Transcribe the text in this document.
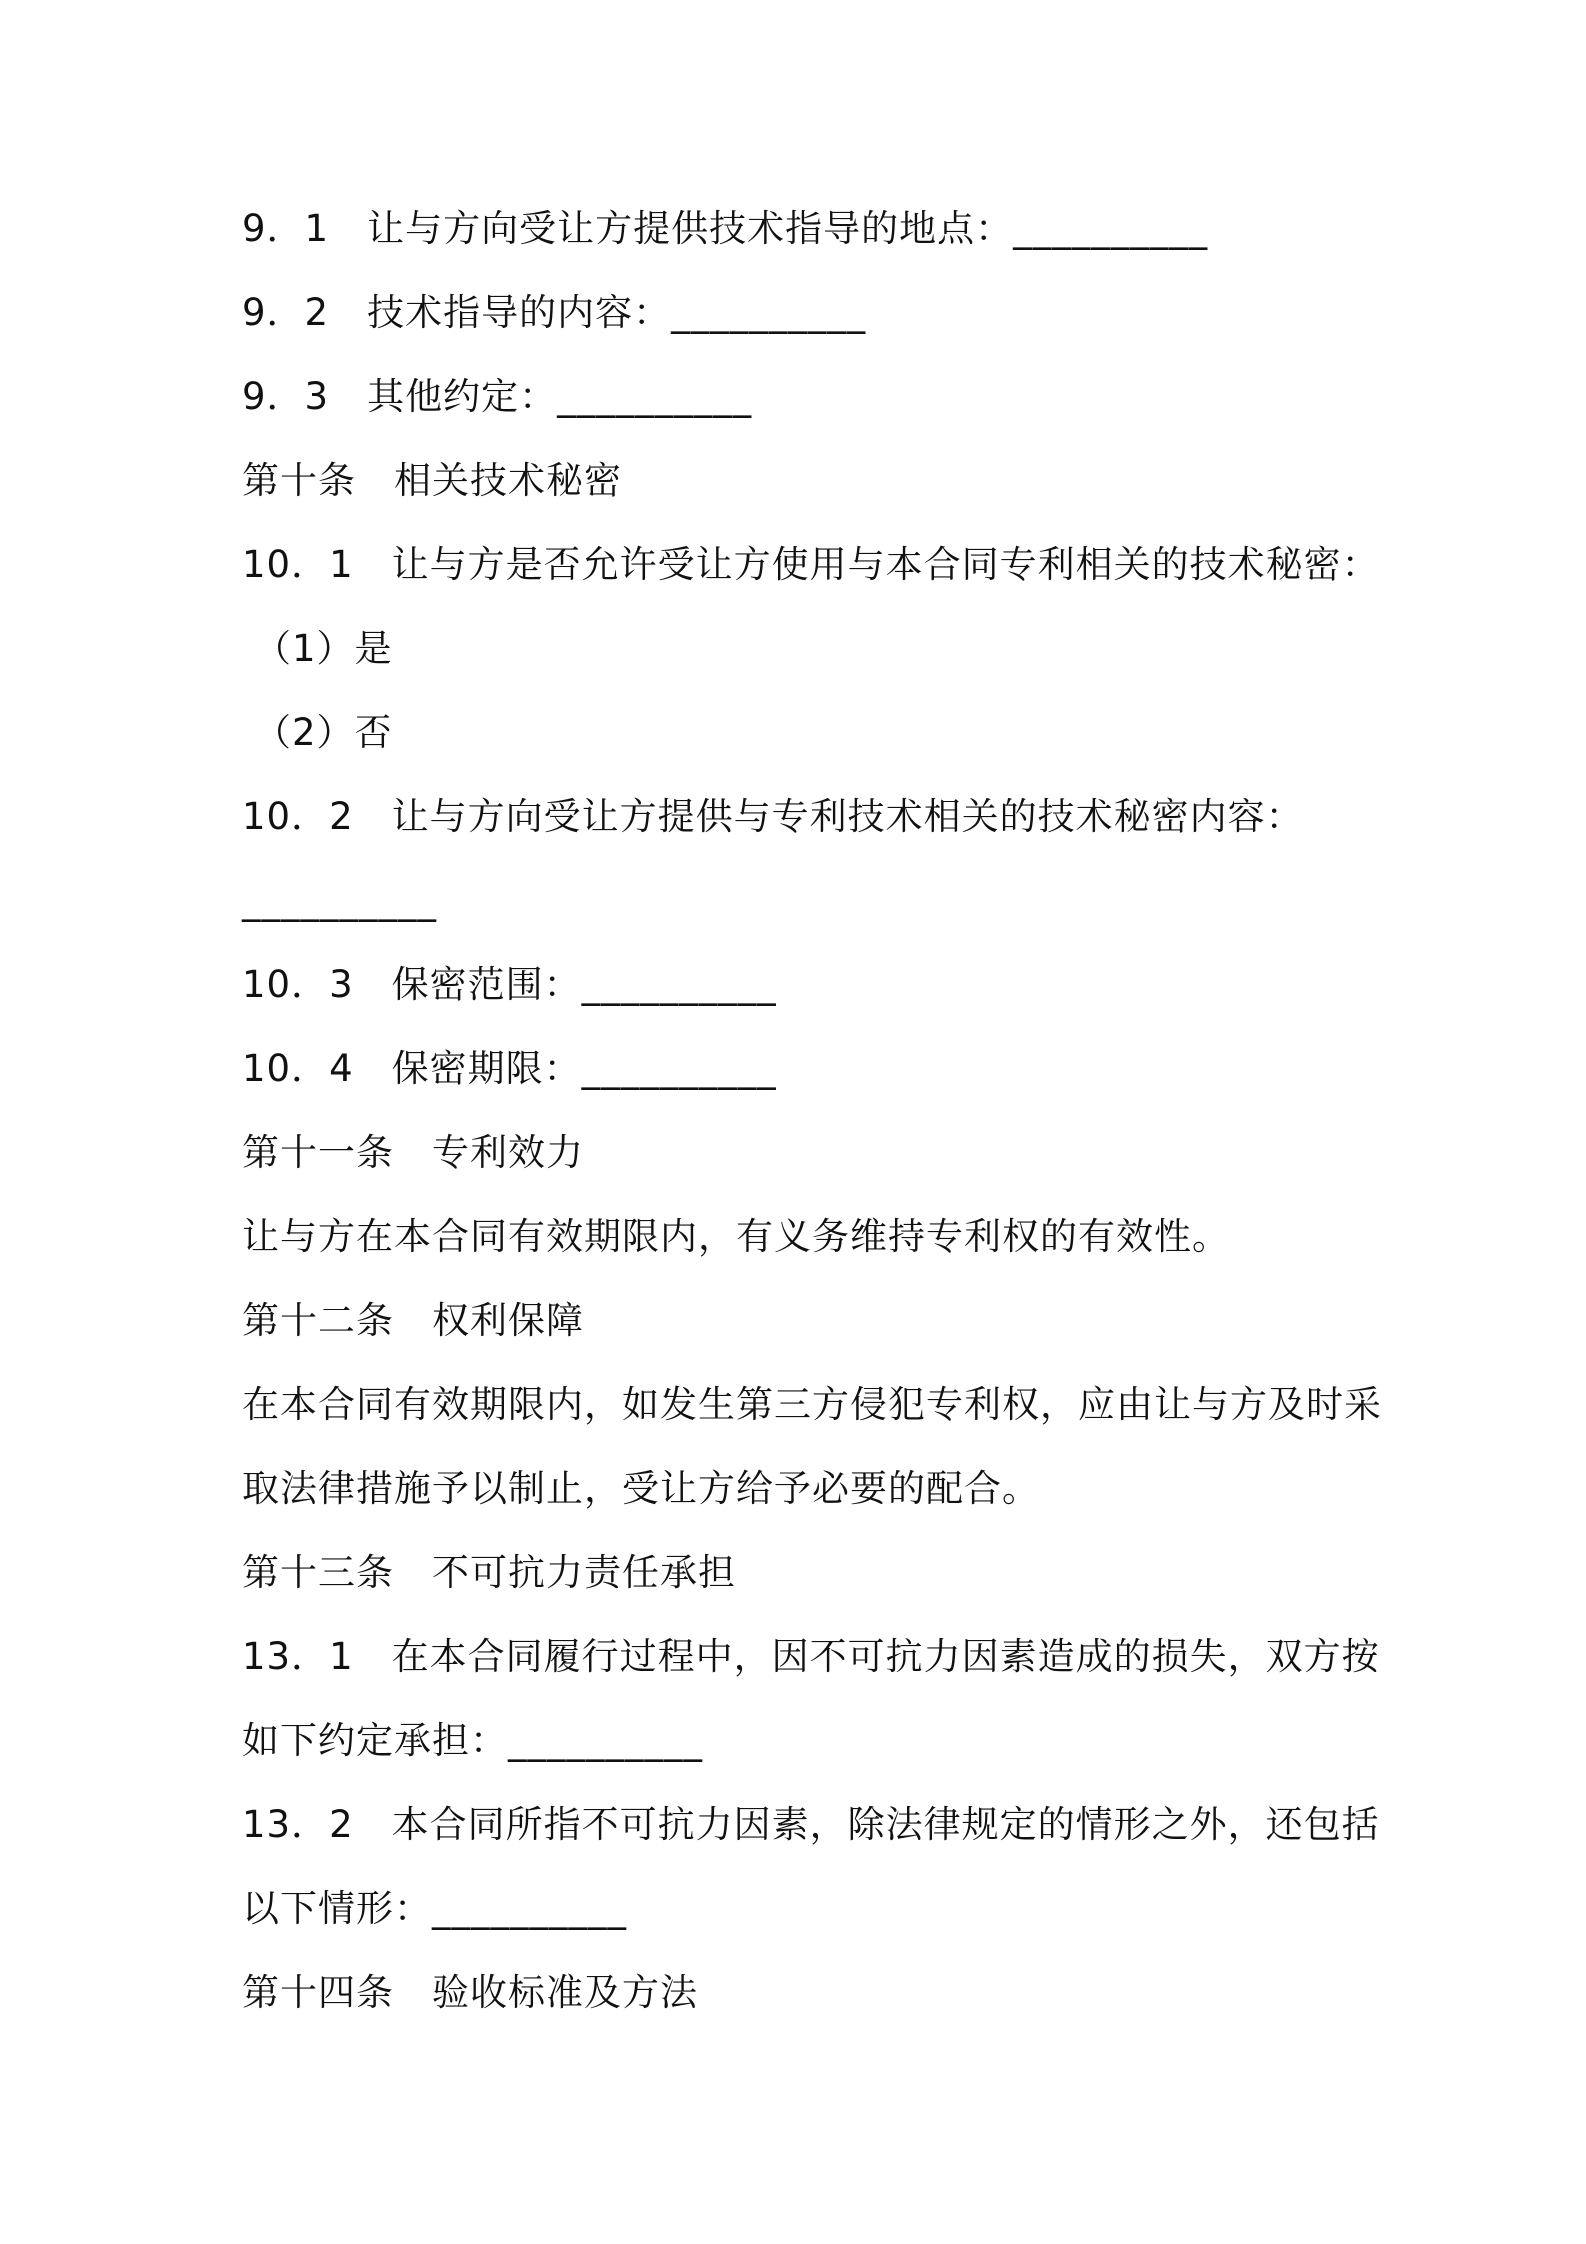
9．1　让与方向受让方提供技术指导的地点：__________
9．2　技术指导的内容：__________
9．3　其他约定：__________
第十条　相关技术秘密
10．1　让与方是否允许受让方使用与本合同专利相关的技术秘密：
（1）是
（2）否
10．2　让与方向受让方提供与专利技术相关的技术秘密内容：
__________
10．3　保密范围：__________
10．4　保密期限：__________
第十一条　专利效力
让与方在本合同有效期限内，有义务维持专利权的有效性。
第十二条　权利保障
在本合同有效期限内，如发生第三方侵犯专利权，应由让与方及时采
取法律措施予以制止，受让方给予必要的配合。
第十三条　不可抗力责任承担
13．1　在本合同履行过程中，因不可抗力因素造成的损失，双方按
如下约定承担：__________
13．2　本合同所指不可抗力因素，除法律规定的情形之外，还包括
以下情形：__________
第十四条　验收标准及方法
